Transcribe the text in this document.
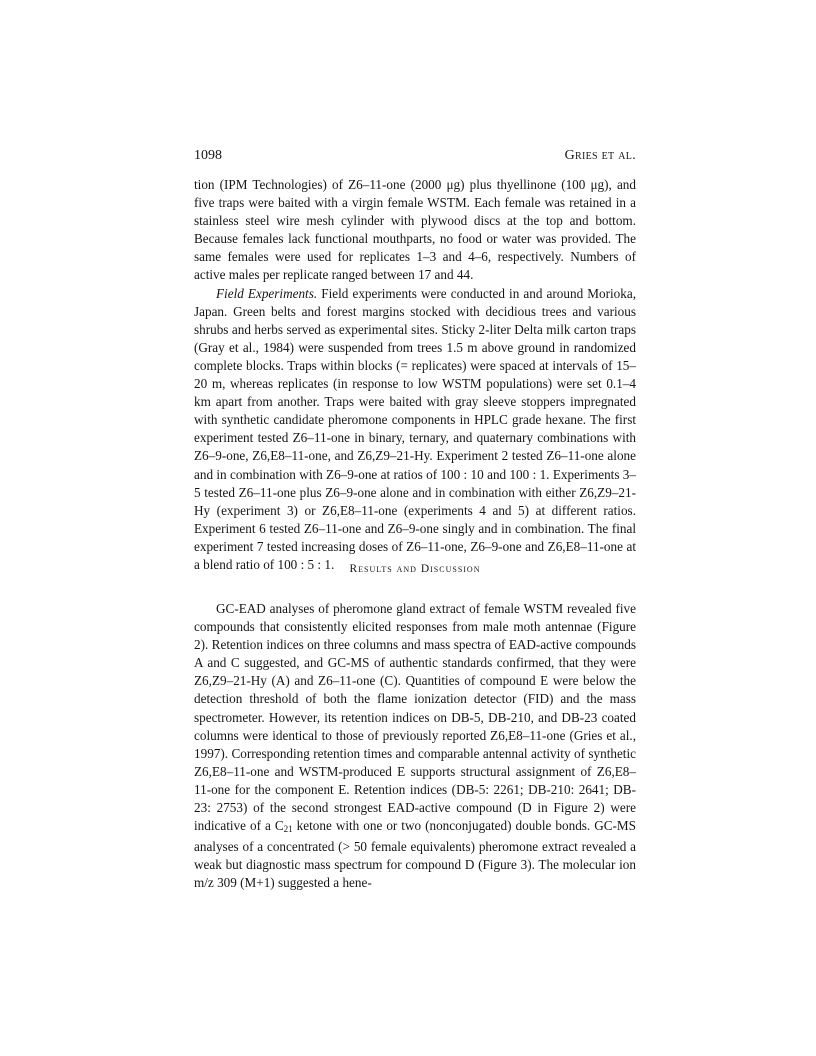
1098	Gries et al.

tion (IPM Technologies) of Z6–11-one (2000 μg) plus thyellinone (100 μg), and five traps were baited with a virgin female WSTM. Each female was retained in a stainless steel wire mesh cylinder with plywood discs at the top and bottom. Because females lack functional mouthparts, no food or water was provided. The same females were used for replicates 1–3 and 4–6, respectively. Numbers of active males per replicate ranged between 17 and 44.

Field Experiments. Field experiments were conducted in and around Morioka, Japan. Green belts and forest margins stocked with decidious trees and various shrubs and herbs served as experimental sites. Sticky 2-liter Delta milk carton traps (Gray et al., 1984) were suspended from trees 1.5 m above ground in randomized complete blocks. Traps within blocks (= replicates) were spaced at intervals of 15–20 m, whereas replicates (in response to low WSTM populations) were set 0.1–4 km apart from another. Traps were baited with gray sleeve stoppers impregnated with synthetic candidate pheromone components in HPLC grade hexane. The first experiment tested Z6–11-one in binary, ternary, and quaternary combinations with Z6–9-one, Z6,E8–11-one, and Z6,Z9–21-Hy. Experiment 2 tested Z6–11-one alone and in combination with Z6–9-one at ratios of 100 : 10 and 100 : 1. Experiments 3–5 tested Z6–11-one plus Z6–9-one alone and in combination with either Z6,Z9–21-Hy (experiment 3) or Z6,E8–11-one (experiments 4 and 5) at different ratios. Experiment 6 tested Z6–11-one and Z6–9-one singly and in combination. The final experiment 7 tested increasing doses of Z6–11-one, Z6–9-one and Z6,E8–11-one at a blend ratio of 100 : 5 : 1.	Results and Discussion

GC-EAD analyses of pheromone gland extract of female WSTM revealed five compounds that consistently elicited responses from male moth antennae (Figure 2). Retention indices on three columns and mass spectra of EAD-active compounds A and C suggested, and GC-MS of authentic standards confirmed, that they were Z6,Z9–21-Hy (A) and Z6–11-one (C). Quantities of compound E were below the detection threshold of both the flame ionization detector (FID) and the mass spectrometer. However, its retention indices on DB-5, DB-210, and DB-23 coated columns were identical to those of previously reported Z6,E8–11-one (Gries et al., 1997). Corresponding retention times and comparable antennal activity of synthetic Z6,E8–11-one and WSTM-produced E supports structural assignment of Z6,E8–11-one for the component E. Retention indices (DB-5: 2261; DB-210: 2641; DB-23: 2753) of the second strongest EAD-active compound (D in Figure 2) were indicative of a $C_{21}$ ketone with one or two (nonconjugated) double bonds. GC-MS analyses of a concentrated (> 50 female equivalents) pheromone extract revealed a weak but diagnostic mass spectrum for compound D (Figure 3). The molecular ion m/z 309 (M+1) suggested a hene-
